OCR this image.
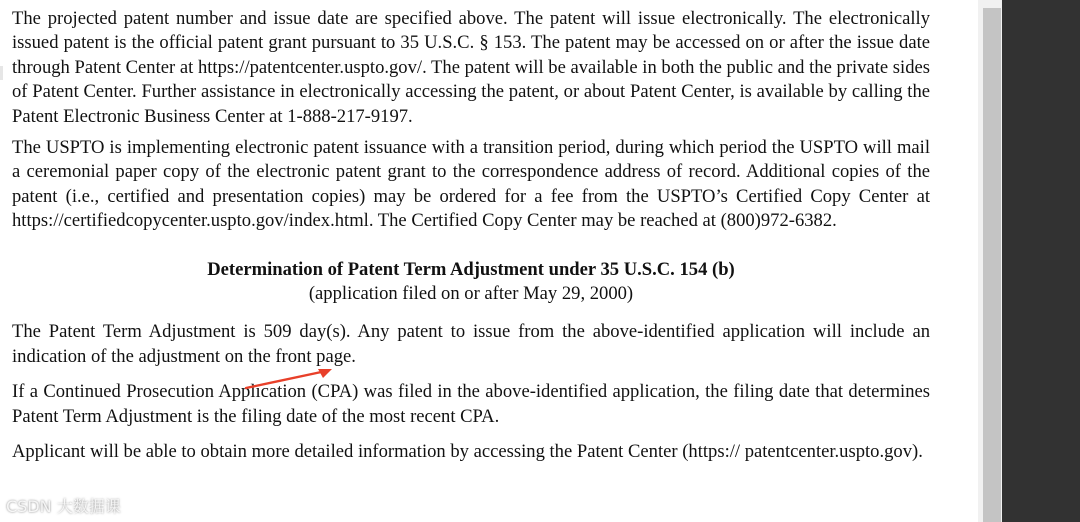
The projected patent number and issue date are specified above. The patent will issue electronically. The electronically issued patent is the official patent grant pursuant to 35 U.S.C. § 153. The patent may be accessed on or after the issue date through Patent Center at https://patentcenter.uspto.gov/. The patent will be available in both the public and the private sides of Patent Center. Further assistance in electronically accessing the patent, or about Patent Center, is available by calling the Patent Electronic Business Center at 1-888-217-9197.

The USPTO is implementing electronic patent issuance with a transition period, during which period the USPTO will mail a ceremonial paper copy of the electronic patent grant to the correspondence address of record. Additional copies of the patent (i.e., certified and presentation copies) may be ordered for a fee from the USPTO’s Certified Copy Center at https://certifiedcopycenter.uspto.gov/index.html. The Certified Copy Center may be reached at (800)972-6382.

Determination of Patent Term Adjustment under 35 U.S.C. 154 (b)
(application filed on or after May 29, 2000)

The Patent Term Adjustment is 509 day(s). Any patent to issue from the above-identified application will include an indication of the adjustment on the front page.

If a Continued Prosecution Application (CPA) was filed in the above-identified application, the filing date that determines Patent Term Adjustment is the filing date of the most recent CPA.

Applicant will be able to obtain more detailed information by accessing the Patent Center (https:// patentcenter.uspto.gov).

CSDN 大数据课
